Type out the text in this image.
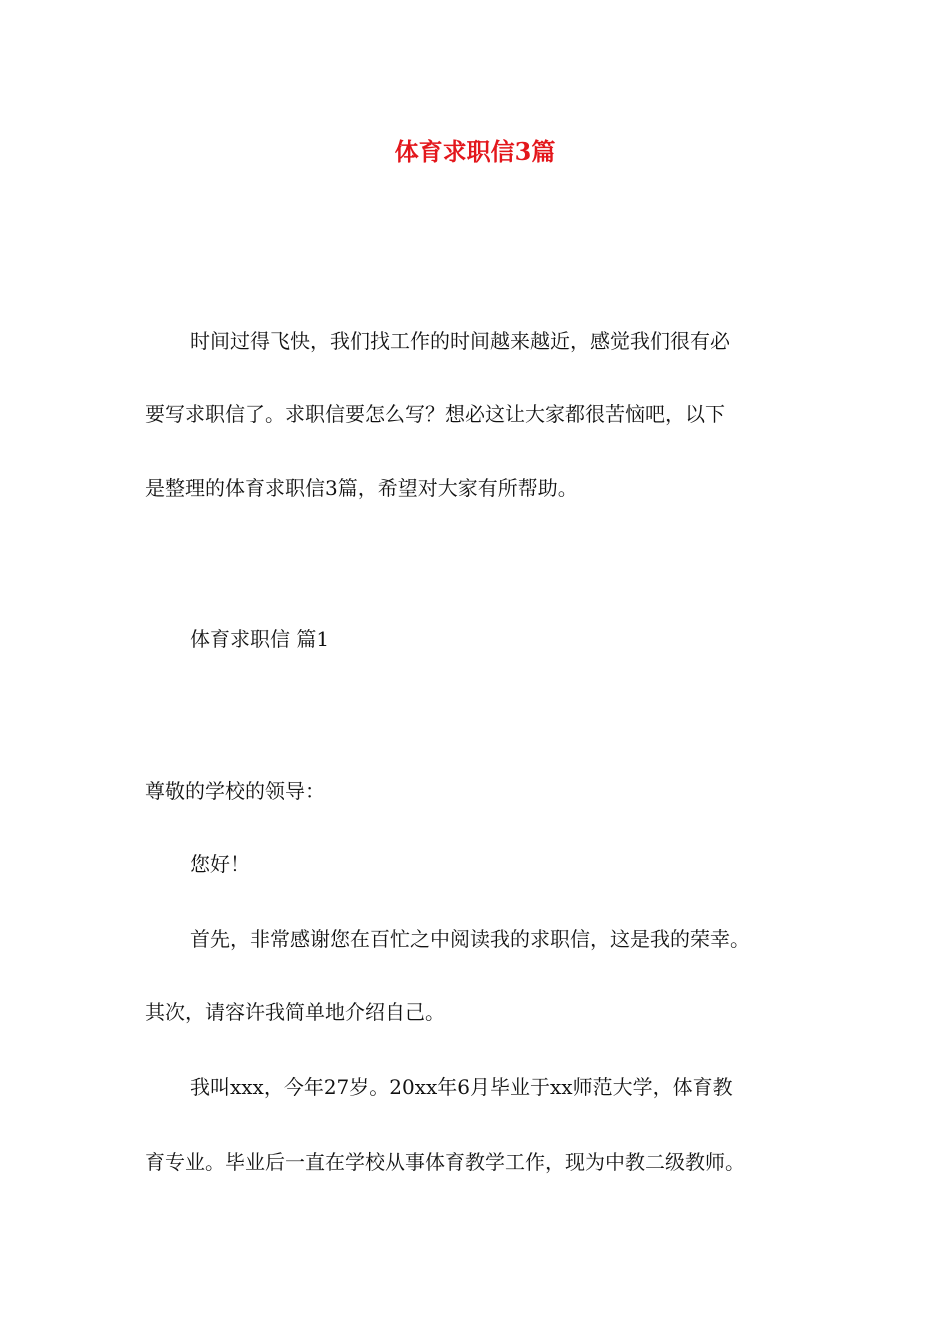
体育求职信3篇

时间过得飞快，我们找工作的时间越来越近，感觉我们很有必

要写求职信了。求职信要怎么写？想必这让大家都很苦恼吧，以下

是整理的体育求职信3篇，希望对大家有所帮助。

体育求职信 篇1

尊敬的学校的领导：

您好！

首先，非常感谢您在百忙之中阅读我的求职信，这是我的荣幸。

其次，请容许我简单地介绍自己。

我叫xxx，今年27岁。20xx年6月毕业于xx师范大学，体育教

育专业。毕业后一直在学校从事体育教学工作，现为中教二级教师。
